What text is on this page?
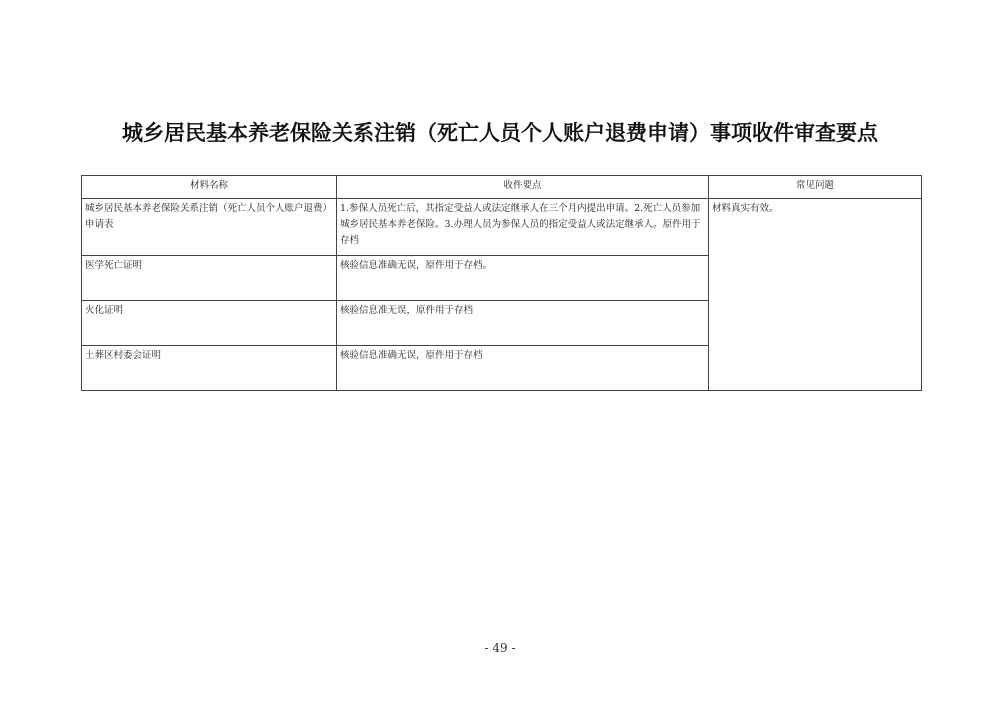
城乡居民基本养老保险关系注销（死亡人员个人账户退费申请）事项收件审查要点
材料名称	收件要点	常见问题
城乡居民基本养老保险关系注销（死亡人员个人账户退费）申请表	1.参保人员死亡后，其指定受益人或法定继承人在三个月内提出申请。2.死亡人员参加城乡居民基本养老保险。3.办理人员为参保人员的指定受益人或法定继承人。原件用于存档	材料真实有效。
医学死亡证明	核验信息准确无误，原件用于存档。	
火化证明	核验信息准无误，原件用于存档	
土葬区村委会证明	核验信息准确无误，原件用于存档	
- 49 -
